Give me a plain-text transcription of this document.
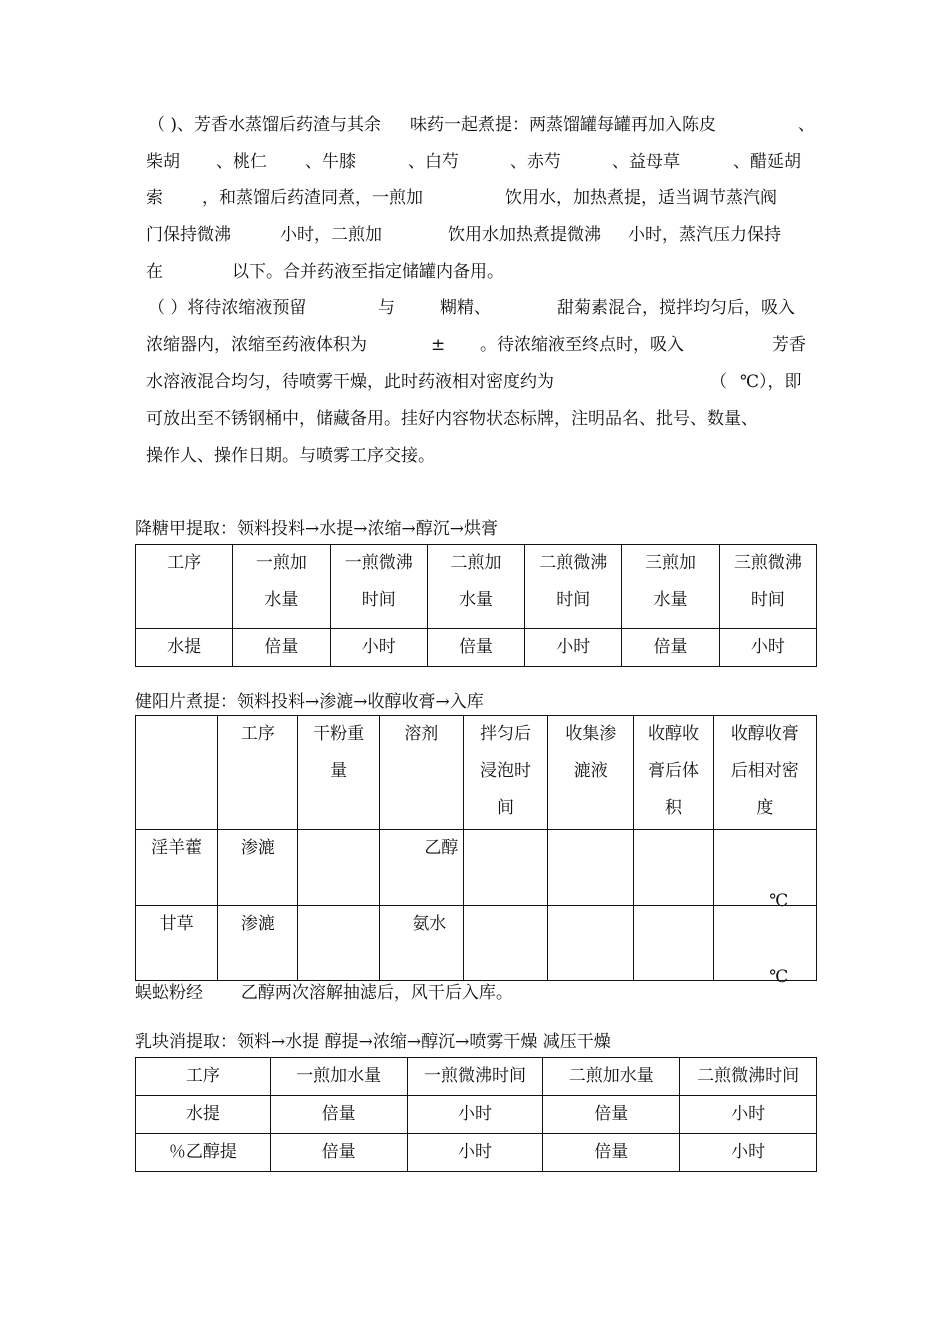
（ )、芳香水蒸馏后药渣与其余

味药一起煮提：两蒸馏罐每罐再加入陈皮

	、

柴胡

、桃仁

、牛膝

	、白芍

	、赤芍

	、益母草

	、醋延胡

索

，和蒸馏后药渣同煮，一煎加

	饮用水，加热煮提，适当调节蒸汽阀

门保持微沸

	小时，二煎加

	饮用水加热煮提微沸

小时，蒸汽压力保持

在

	以下。合并药液至指定储罐内备用。

（ ）将待浓缩液预留

	与

	糊精、

	甜菊素混合，搅拌均匀后，吸入

浓缩器内，浓缩至药液体积为

	±

。待浓缩液至终点时，吸入

	芳香

水溶液混合均匀，待喷雾干燥，此时药液相对密度约为

	（

℃），即

可放出至不锈钢桶中，储藏备用。挂好内容物状态标牌，注明品名、批号、数量、

操作人、操作日期。与喷雾工序交接。

降糖甲提取：领料投料→水提→浓缩→醇沉→烘膏

工序	一煎加
水量	一煎微沸
时间	二煎加
水量	二煎微沸
时间	三煎加
水量	三煎微沸
时间

水提	倍量	小时	倍量	小时	倍量	小时

健阳片煮提：领料投料→渗漉→收醇收膏→入库

	工序	干粉重
量	溶剂	拌匀后
浸泡时
间	收集渗
漉液	收醇收
膏后体
积	收醇收膏
后相对密
度

淫羊藿	渗漉		乙醇				℃
甘草	渗漉		氨水				℃

蜈蚣粉经       乙醇两次溶解抽滤后，风干后入库。

乳块消提取：领料→水提 醇提→浓缩→醇沉→喷雾干燥 减压干燥

工序	一煎加水量	一煎微沸时间	二煎加水量	二煎微沸时间
水提	倍量	小时	倍量	小时
％乙醇提	倍量	小时	倍量	小时
